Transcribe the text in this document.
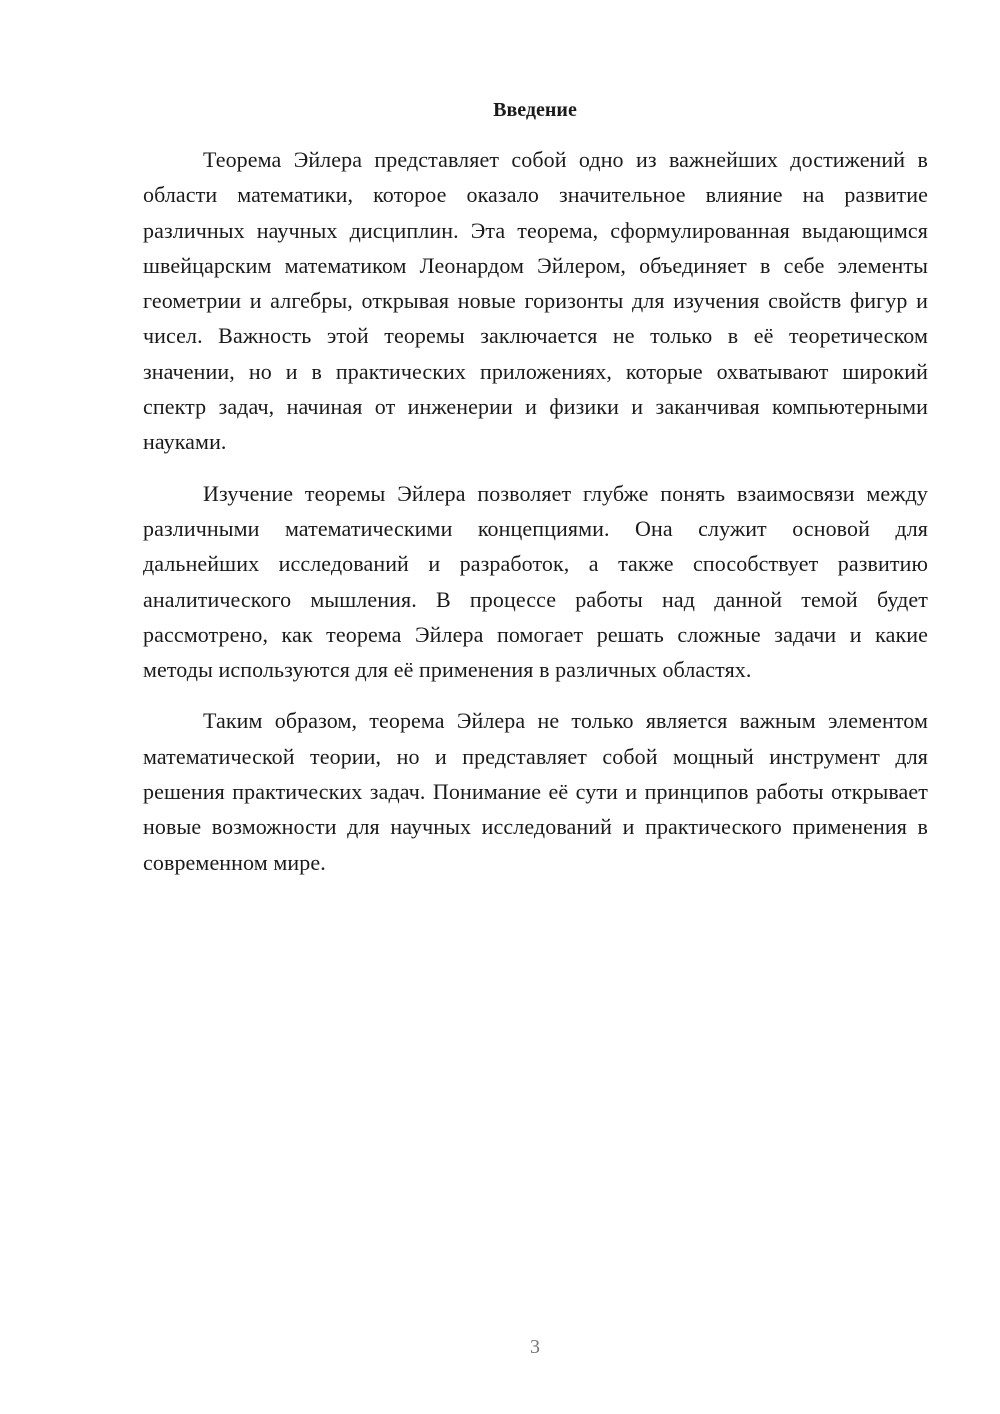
Введение

Теорема Эйлера представляет собой одно из важнейших достижений в области математики, которое оказало значительное влияние на развитие различных научных дисциплин. Эта теорема, сформулированная выдающимся швейцарским математиком Леонардом Эйлером, объединяет в себе элементы геометрии и алгебры, открывая новые горизонты для изучения свойств фигур и чисел. Важность этой теоремы заключается не только в её теоретическом значении, но и в практических приложениях, которые охватывают широкий спектр задач, начиная от инженерии и физики и заканчивая компьютерными науками.

Изучение теоремы Эйлера позволяет глубже понять взаимосвязи между различными математическими концепциями. Она служит основой для дальнейших исследований и разработок, а также способствует развитию аналитического мышления. В процессе работы над данной темой будет рассмотрено, как теорема Эйлера помогает решать сложные задачи и какие методы используются для её применения в различных областях.

Таким образом, теорема Эйлера не только является важным элементом математической теории, но и представляет собой мощный инструмент для решения практических задач. Понимание её сути и принципов работы открывает новые возможности для научных исследований и практического применения в современном мире.

3
